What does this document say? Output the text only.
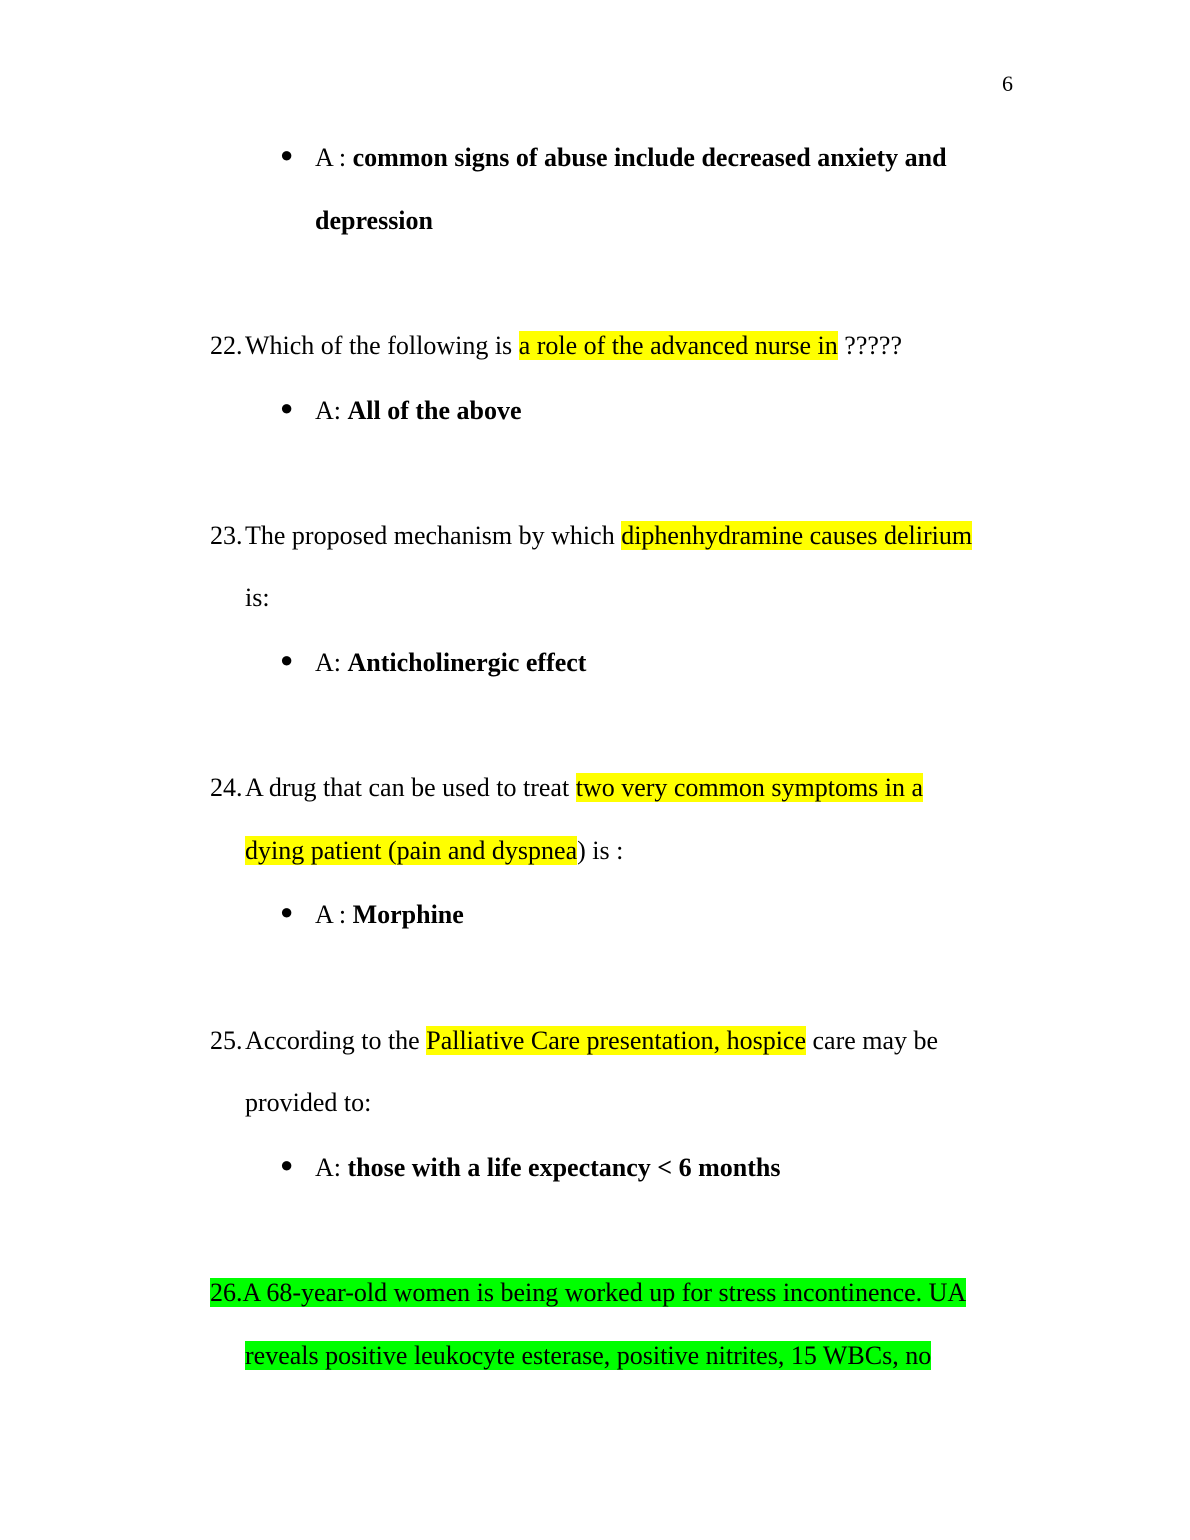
6
● A : common signs of abuse include decreased anxiety and
depression
22. Which of the following is a role of the advanced nurse in ?????
● A: All of the above
23. The proposed mechanism by which diphenhydramine causes delirium
is:
● A: Anticholinergic effect
24. A drug that can be used to treat two very common symptoms in a
dying patient (pain and dyspnea) is :
● A : Morphine
25. According to the Palliative Care presentation, hospice care may be
provided to:
● A: those with a life expectancy < 6 months
26.A 68-year-old women is being worked up for stress incontinence. UA
reveals positive leukocyte esterase, positive nitrites, 15 WBCs, no
